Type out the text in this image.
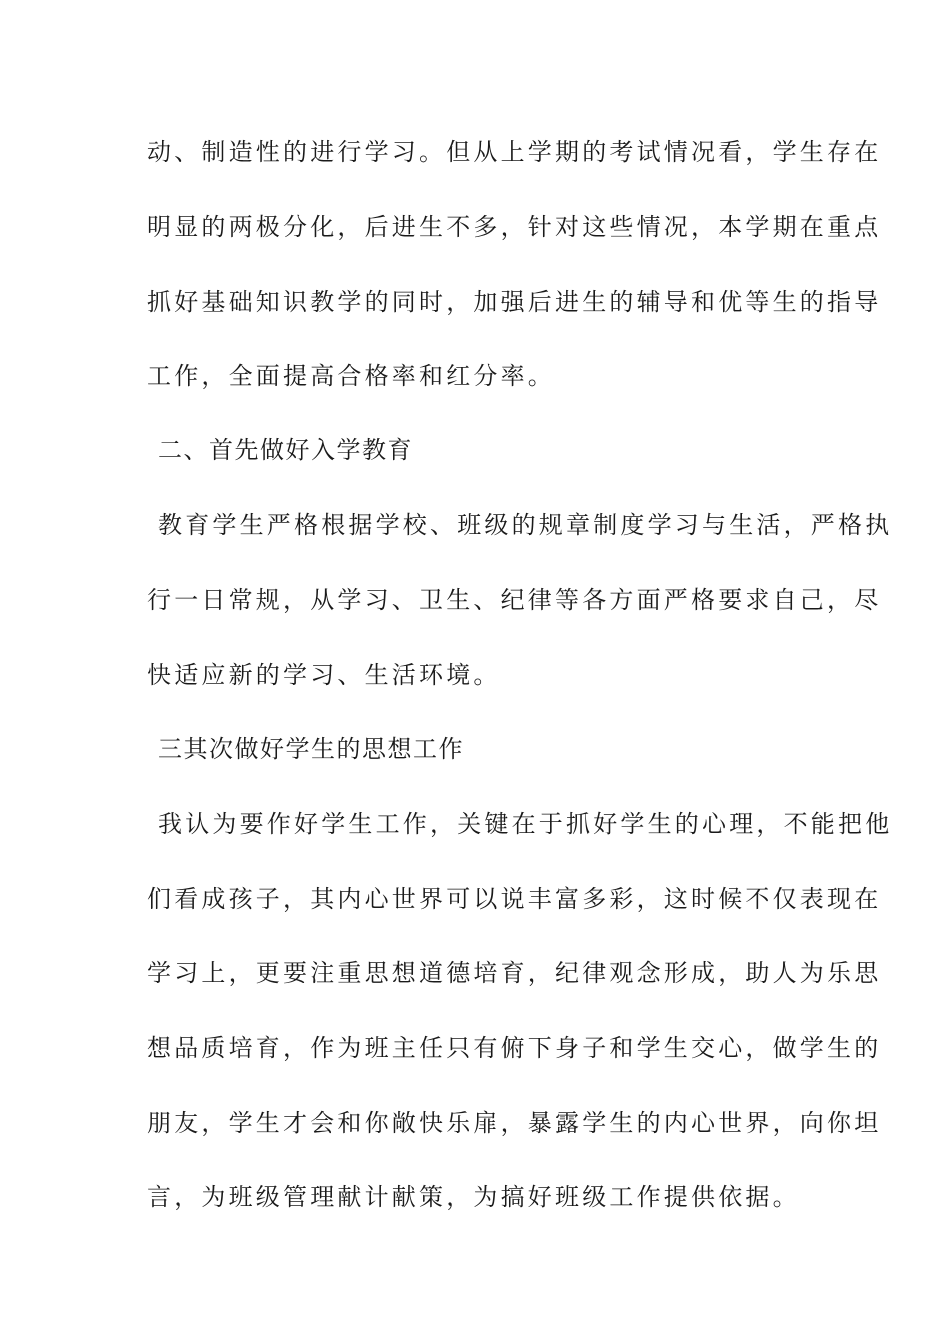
动、制造性的进行学习。但从上学期的考试情况看，学生存在
明显的两极分化，后进生不多，针对这些情况，本学期在重点
抓好基础知识教学的同时，加强后进生的辅导和优等生的指导
工作，全面提高合格率和红分率。
二、首先做好入学教育
教育学生严格根据学校、班级的规章制度学习与生活，严格执
行一日常规，从学习、卫生、纪律等各方面严格要求自己，尽
快适应新的学习、生活环境。
三其次做好学生的思想工作
我认为要作好学生工作，关键在于抓好学生的心理，不能把他
们看成孩子，其内心世界可以说丰富多彩，这时候不仅表现在
学习上，更要注重思想道德培育，纪律观念形成，助人为乐思
想品质培育，作为班主任只有俯下身子和学生交心，做学生的
朋友，学生才会和你敞快乐扉，暴露学生的内心世界，向你坦
言，为班级管理献计献策，为搞好班级工作提供依据。
